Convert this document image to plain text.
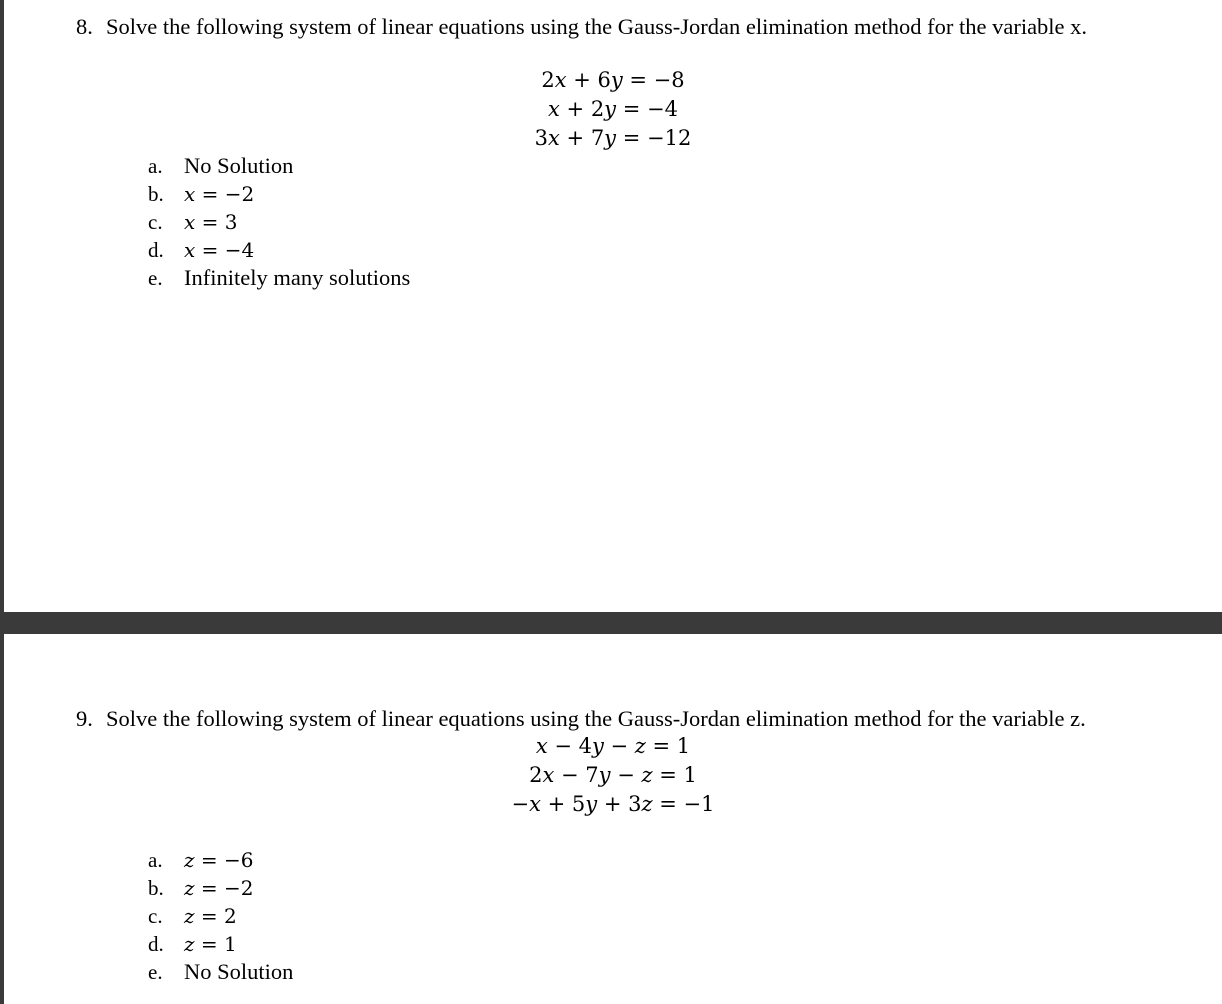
8. Solve the following system of linear equations using the Gauss-Jordan elimination method for the variable x.
2𝑥 + 6𝑦 = −8
𝑥 + 2𝑦 = −4
3𝑥 + 7𝑦 = −12
a. No Solution
b. 𝑥 = −2
c. 𝑥 = 3
d. 𝑥 = −4
e. Infinitely many solutions
9. Solve the following system of linear equations using the Gauss-Jordan elimination method for the variable z.
𝑥 − 4𝑦 − 𝑧 = 1
2𝑥 − 7𝑦 − 𝑧 = 1
−𝑥 + 5𝑦 + 3𝑧 = −1
a. 𝑧 = −6
b. 𝑧 = −2
c. 𝑧 = 2
d. 𝑧 = 1
e. No Solution
